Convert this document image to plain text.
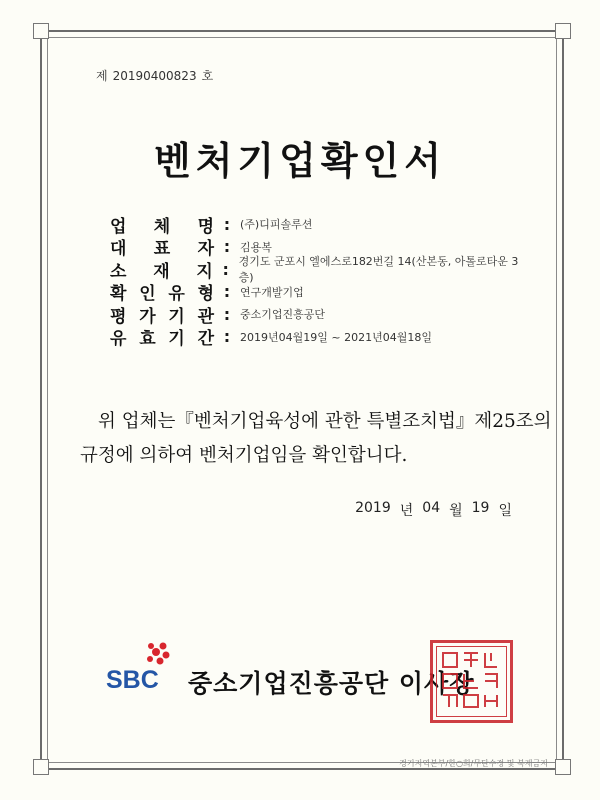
제 20190400823 호
벤처기업확인서
업 체 명 : (주)디피솔루션
대 표 자 : 김용복
소 재 지 : 경기도 군포시 엘에스로182번길 14(산본동, 아톨로타운 3층)
확 인 유 형 : 연구개발기업
평 가 기 관 : 중소기업진흥공단
유 효 기 간 : 2019년04월19일 ~ 2021년04월18일

위 업체는『벤처기업육성에 관한 특별조치법』제25조의

규정에 의하여 벤처기업임을 확인합니다.

2019 년 04 월 19 일
SBC 중소기업진흥공단 이사장
경기지역본부/한○희/무단수정 및 복제금지
